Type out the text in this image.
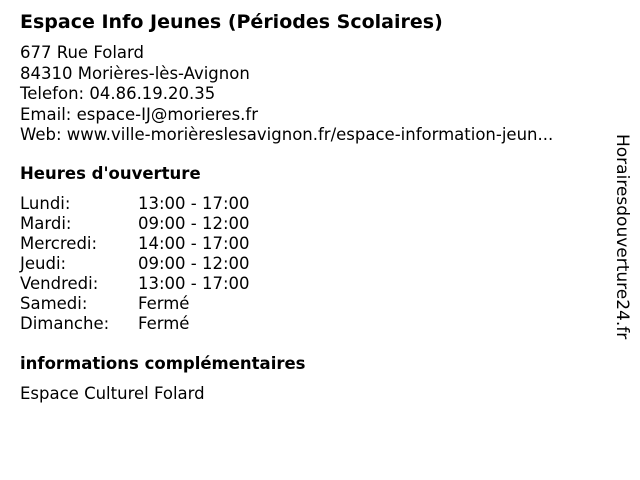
Espace Info Jeunes (Périodes Scolaires)
677 Rue Folard
84310 Morières-lès-Avignon
Telefon: 04.86.19.20.35
Email: espace-IJ@morieres.fr
Web: www.ville-morièreslesavignon.fr/espace-information-jeun...
Heures d'ouverture
Lundi:	13:00 - 17:00
Mardi:	09:00 - 12:00
Mercredi:	14:00 - 17:00
Jeudi:	09:00 - 12:00
Vendredi:	13:00 - 17:00
Samedi:	Fermé
Dimanche:	Fermé
informations complémentaires
Espace Culturel Folard
Horairesdouverture24.fr
